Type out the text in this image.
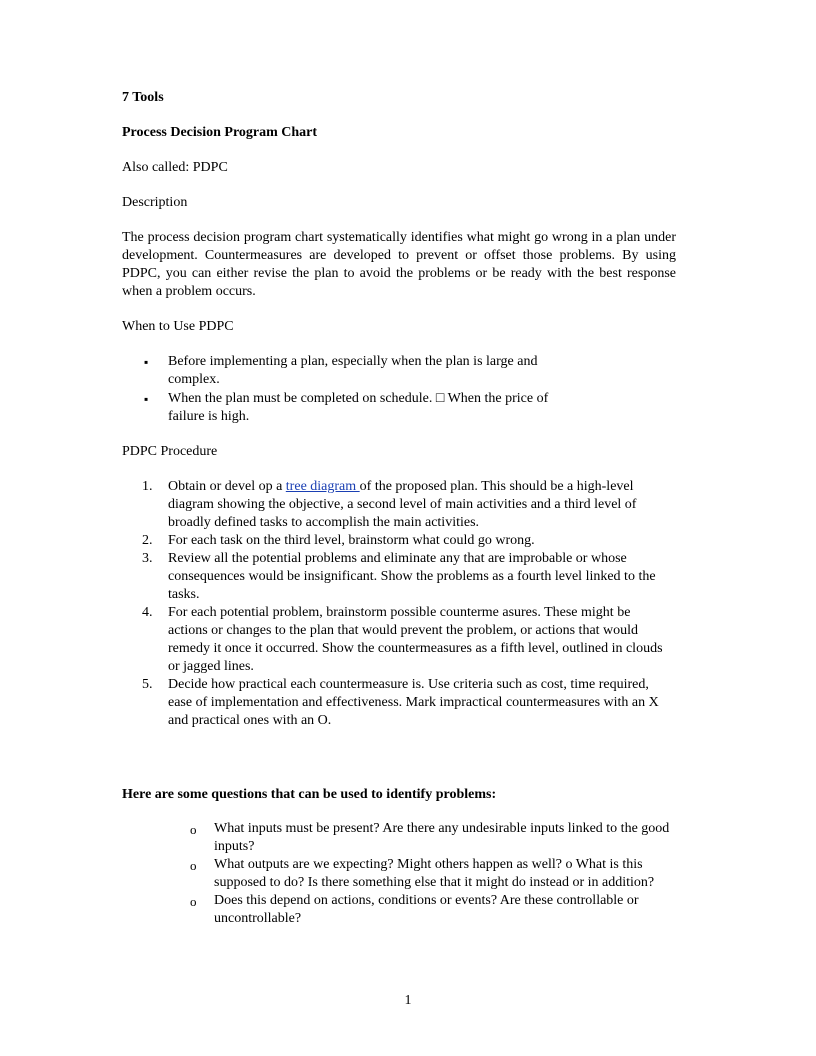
7 Tools

Process Decision Program Chart

Also called: PDPC

Description

The process decision program chart systematically identifies what might go wrong in a plan under development. Countermeasures are developed to prevent or offset those problems. By using PDPC, you can either revise the plan to avoid the problems or be ready with the best response when a problem occurs.

When to Use PDPC

▪ Before implementing a plan, especially when the plan is large and complex.
▪ When the plan must be completed on schedule. □ When the price of failure is high.

PDPC Procedure

1. Obtain or devel op a tree diagram of the proposed plan. This should be a high-level diagram showing the objective, a second level of main activities and a third level of broadly defined tasks to accomplish the main activities.
2. For each task on the third level, brainstorm what could go wrong.
3. Review all the potential problems and eliminate any that are improbable or whose consequences would be insignificant. Show the problems as a fourth level linked to the tasks.
4. For each potential problem, brainstorm possible counterme asures. These might be actions or changes to the plan that would prevent the problem, or actions that would remedy it once it occurred. Show the countermeasures as a fifth level, outlined in clouds or jagged lines.
5. Decide how practical each countermeasure is. Use criteria such as cost, time required, ease of implementation and effectiveness. Mark impractical countermeasures with an X and practical ones with an O.

Here are some questions that can be used to identify problems:

o What inputs must be present? Are there any undesirable inputs linked to the good inputs?
o What outputs are we expecting? Might others happen as well? o What is this supposed to do? Is there something else that it might do instead or in addition?
o Does this depend on actions, conditions or events? Are these controllable or uncontrollable?
1
